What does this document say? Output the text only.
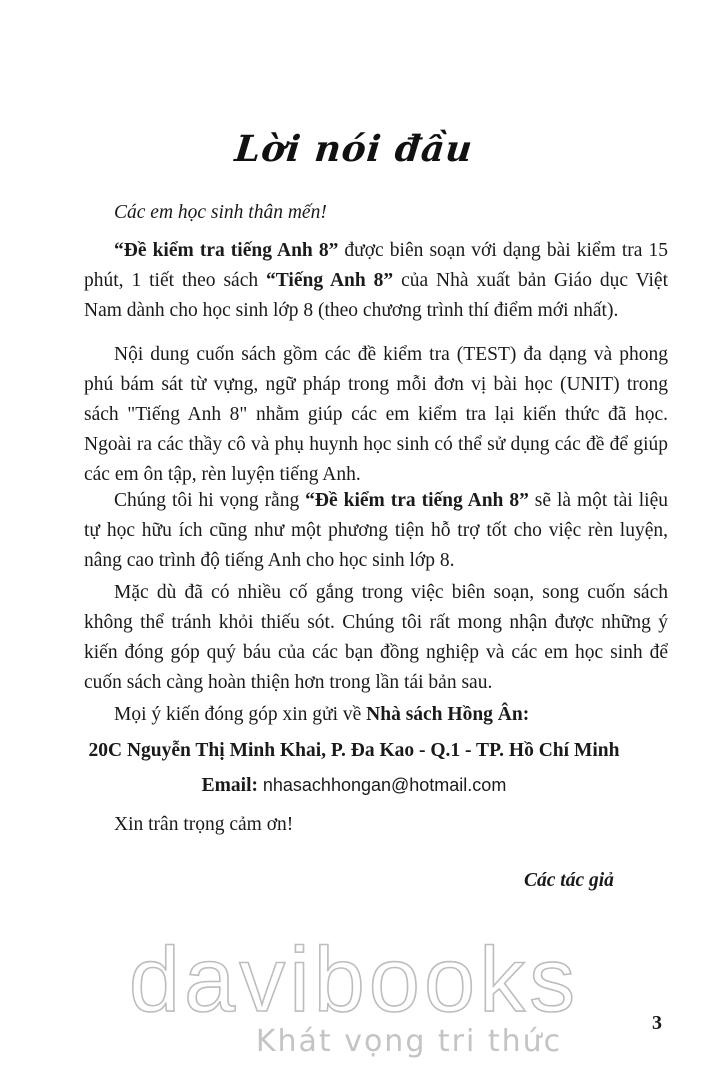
Lời nói đầu
Các em học sinh thân mến!

“Đề kiểm tra tiếng Anh 8” được biên soạn với dạng bài kiểm tra 15 phút, 1 tiết theo sách “Tiếng Anh 8” của Nhà xuất bản Giáo dục Việt Nam dành cho học sinh lớp 8 (theo chương trình thí điểm mới nhất).

Nội dung cuốn sách gồm các đề kiểm tra (TEST) đa dạng và phong phú bám sát từ vựng, ngữ pháp trong mỗi đơn vị bài học (UNIT) trong sách "Tiếng Anh 8" nhằm giúp các em kiểm tra lại kiến thức đã học. Ngoài ra các thầy cô và phụ huynh học sinh có thể sử dụng các đề để giúp các em ôn tập, rèn luyện tiếng Anh.

Chúng tôi hi vọng rằng “Đề kiểm tra tiếng Anh 8” sẽ là một tài liệu tự học hữu ích cũng như một phương tiện hỗ trợ tốt cho việc rèn luyện, nâng cao trình độ tiếng Anh cho học sinh lớp 8.

Mặc dù đã có nhiều cố gắng trong việc biên soạn, song cuốn sách không thể tránh khỏi thiếu sót. Chúng tôi rất mong nhận được những ý kiến đóng góp quý báu của các bạn đồng nghiệp và các em học sinh để cuốn sách càng hoàn thiện hơn trong lần tái bản sau.

Mọi ý kiến đóng góp xin gửi về Nhà sách Hồng Ân:

20C Nguyễn Thị Minh Khai, P. Đa Kao - Q.1 - TP. Hồ Chí Minh
Email: nhasachhongan@hotmail.com
Xin trân trọng cảm ơn!
Các tác giả
davibooks
Khát vọng tri thức
3
